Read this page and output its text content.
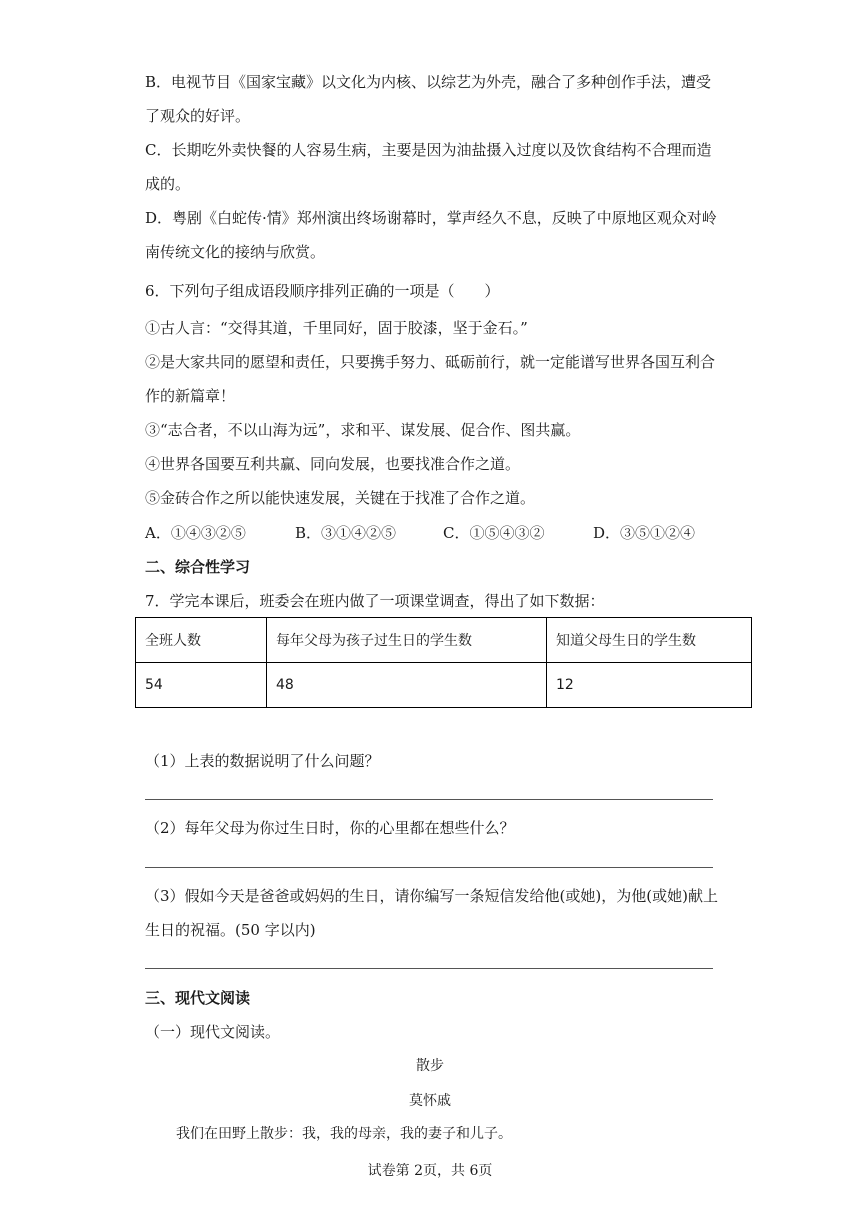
B．电视节目《国家宝藏》以文化为内核、以综艺为外壳，融合了多种创作手法，遭受
了观众的好评。
C．长期吃外卖快餐的人容易生病，主要是因为油盐摄入过度以及饮食结构不合理而造
成的。
D．粤剧《白蛇传·情》郑州演出终场谢幕时，掌声经久不息，反映了中原地区观众对岭
南传统文化的接纳与欣赏。
6．下列句子组成语段顺序排列正确的一项是（　　）
①古人言：“交得其道，千里同好，固于胶漆，坚于金石。”
②是大家共同的愿望和责任，只要携手努力、砥砺前行，就一定能谱写世界各国互利合
作的新篇章！
③“志合者，不以山海为远”，求和平、谋发展、促合作、图共赢。
④世界各国要互利共赢、同向发展，也要找准合作之道。
⑤金砖合作之所以能快速发展，关键在于找准了合作之道。
A．①④③②⑤	B．③①④②⑤	C．①⑤④③②	D．③⑤①②④
二、综合性学习
7．学完本课后，班委会在班内做了一项课堂调查，得出了如下数据：
全班人数	每年父母为孩子过生日的学生数	知道父母生日的学生数
54	48	12
（1）上表的数据说明了什么问题？
（2）每年父母为你过生日时，你的心里都在想些什么？
（3）假如今天是爸爸或妈妈的生日，请你编写一条短信发给他(或她)，为他(或她)献上
生日的祝福。(50 字以内)
三、现代文阅读
（一）现代文阅读。
散步
莫怀戚
我们在田野上散步：我，我的母亲，我的妻子和儿子。
试卷第 2页，共 6页
